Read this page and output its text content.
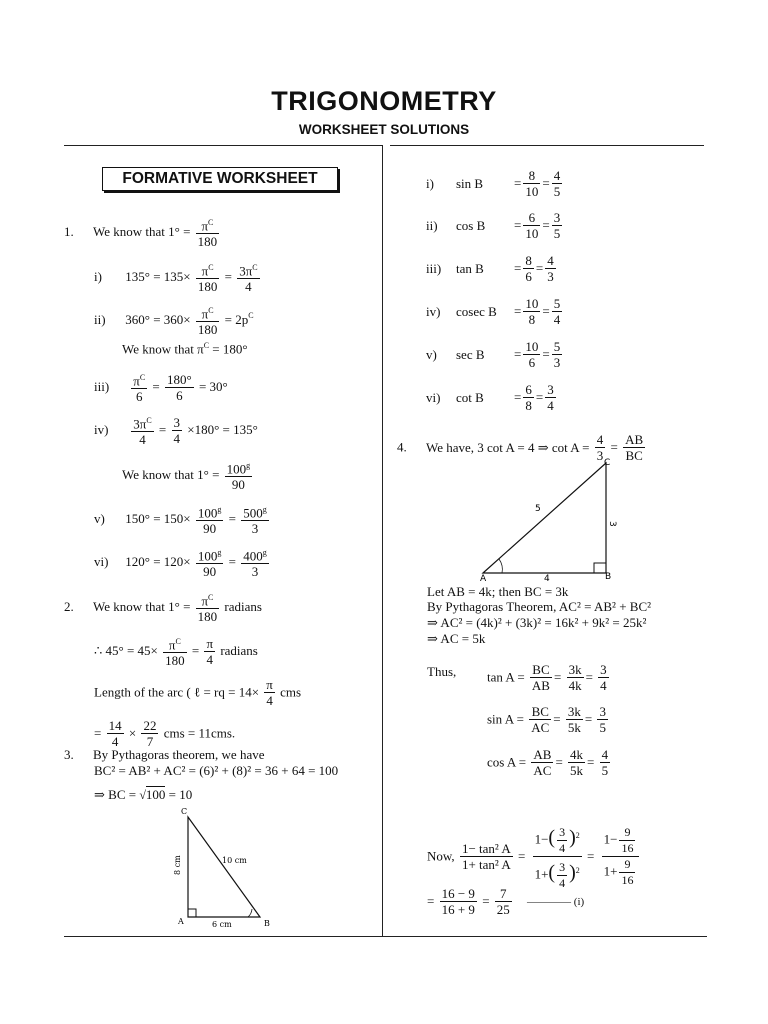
TRIGONOMETRY
WORKSHEET SOLUTIONS
FORMATIVE WORKSHEET
1. We know that $1^\circ = \frac{\pi^C}{180}$
i) $135^\circ = 135\times \frac{\pi^C}{180} = \frac{3\pi^C}{4}$
ii) $360^\circ = 360\times \frac{\pi^C}{180} = 2p^C$
We know that $\pi^C = 180^\circ$
$iii) \frac{\pi^C}{6} = \frac{180^\circ}{6} = 30^\circ$
$iv) \frac{3\pi^C}{4} = \frac{3}{4} \times 180^\circ = 135^\circ$
We know that $1^\circ = \frac{100^g}{90}$
v) $150^\circ = 150\times \frac{100^g}{90} = \frac{500^g}{3}$
vi) $120^\circ = 120\times \frac{100^g}{90} = \frac{400^g}{3}$
2. We know that $1^\circ = \frac{\pi^C}{180}$ radians
∴ $45^\circ = 45\times \frac{\pi^C}{180} = \frac{\pi}{4}$ radians
Length of the arc ( ℓ = rq = $14\times \frac{\pi}{4}$ cms
= $\frac{14}{4} \times \frac{22}{7}$ cms = 11cms.
3. By Pythagoras theorem, we have
BC² = AB² + AC² = (6)² + (8)² = 36 + 64 = 100
⇒ BC = √100 = 10
C
A	B
10 cm
8 cm
6 cm
i) $\sin B = \frac{8}{10} = \frac{4}{5}$
ii) $\cos B = \frac{6}{10} = \frac{3}{5}$
iii) $\tan B = \frac{8}{6} = \frac{4}{3}$
iv) cosec $B = \frac{10}{8} = \frac{5}{4}$
v) $\sec B = \frac{10}{6} = \frac{5}{3}$
vi) $\cot B = \frac{6}{8} = \frac{3}{4}$
4. We have, 3 cot A = 4 ⇒ $\cot A = \frac{4}{3} = \frac{AB}{BC}$
C
A	B
5
3
4
Let AB = 4k; then BC = 3k
By Pythagoras Theorem, AC² = AB² + BC²
⇒ AC² = (4k)² + (3k)² = 16k² + 9k² = 25k²
⇒ AC = 5k
Thus, $\tan A = \frac{BC}{AB} = \frac{3k}{4k} = \frac{3}{4}$
$\sin A = \frac{BC}{AC} = \frac{3k}{5k} = \frac{3}{5}$
$\cos A = \frac{AB}{AC} = \frac{4k}{5k} = \frac{4}{5}$
Now, $\frac{\text{1− tan² A}}{\text{1+ tan² A}} = \frac{1-( \frac{3}{4} )^2}{1+( \frac{3}{4} )^2} = \frac{1- \frac{9}{16}}{1+ \frac{9}{16}}$
= $\frac{16 - 9}{16 + 9} = \frac{7}{25}$ ———— (i)
